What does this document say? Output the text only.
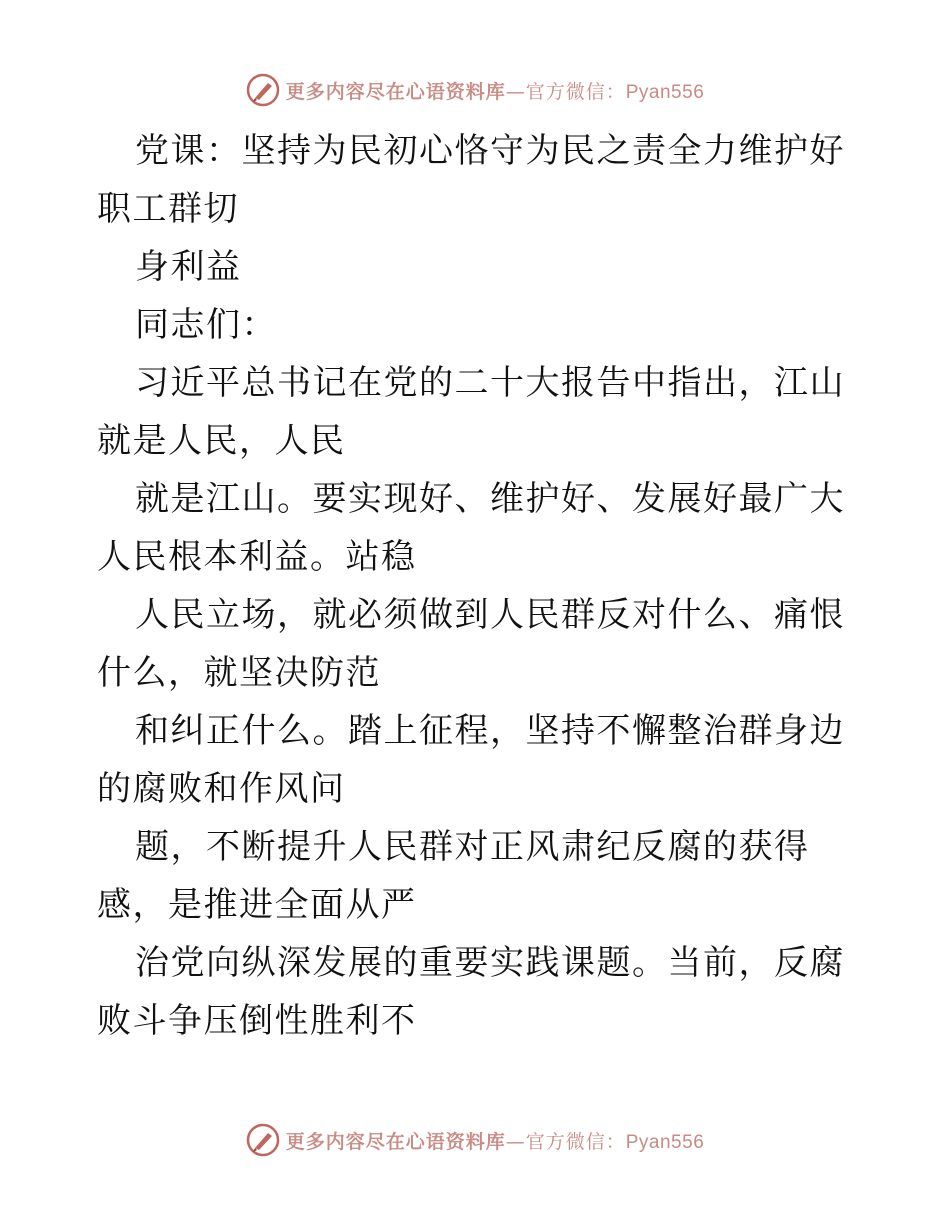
更多内容尽在心语资料库—官方微信：Pyan556

党课：坚持为民初心恪守为民之责全力维护好职工群切

身利益

同志们：

习近平总书记在党的二十大报告中指出，江山就是人民，人民

就是江山。要实现好、维护好、发展好最广大人民根本利益。站稳

人民立场，就必须做到人民群反对什么、痛恨什么，就坚决防范

和纠正什么。踏上征程，坚持不懈整治群身边的腐败和作风问

题，不断提升人民群对正风肃纪反腐的获得感，是推进全面从严

治党向纵深发展的重要实践课题。当前，反腐败斗争压倒性胜利不

更多内容尽在心语资料库—官方微信：Pyan556
